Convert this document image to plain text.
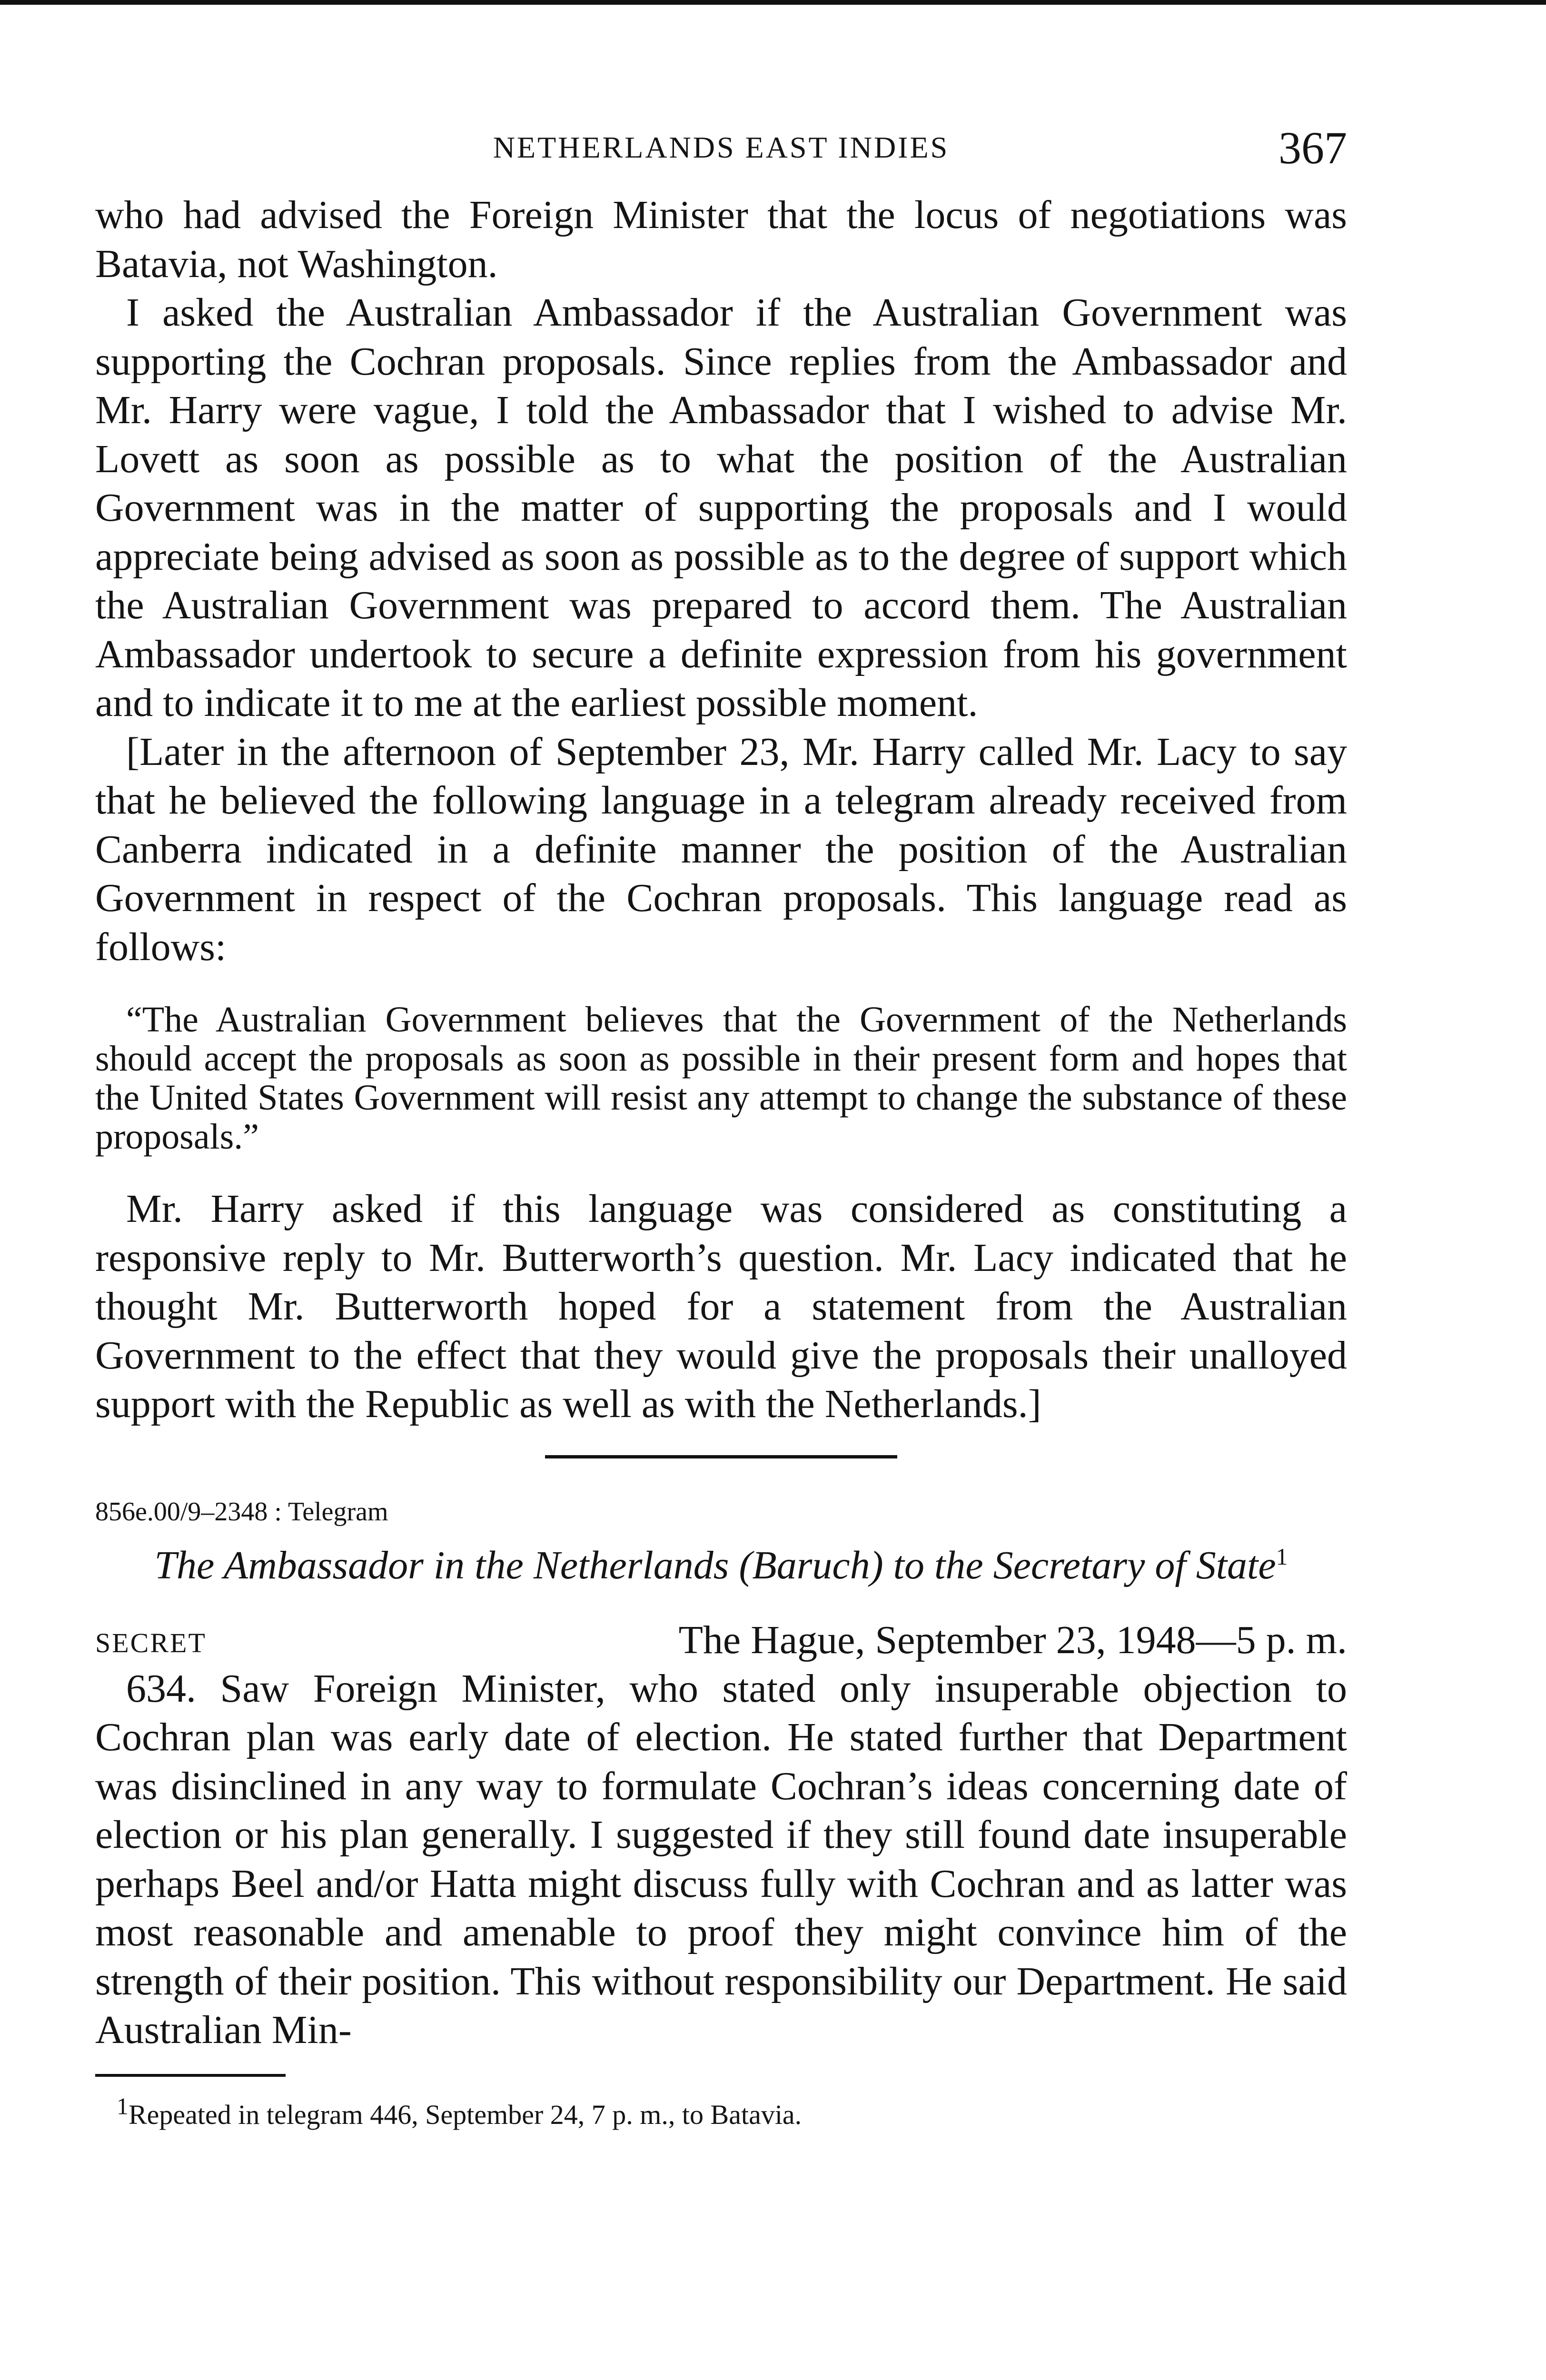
NETHERLANDS EAST INDIES	367

who had advised the Foreign Minister that the locus of negotiations was Batavia, not Washington.

I asked the Australian Ambassador if the Australian Government was supporting the Cochran proposals. Since replies from the Ambassador and Mr. Harry were vague, I told the Ambassador that I wished to advise Mr. Lovett as soon as possible as to what the position of the Australian Government was in the matter of supporting the proposals and I would appreciate being advised as soon as possible as to the degree of support which the Australian Government was prepared to accord them. The Australian Ambassador undertook to secure a definite expression from his government and to indicate it to me at the earliest possible moment.

[Later in the afternoon of September 23, Mr. Harry called Mr. Lacy to say that he believed the following language in a telegram already received from Canberra indicated in a definite manner the position of the Australian Government in respect of the Cochran proposals. This language read as follows:

“The Australian Government believes that the Government of the Netherlands should accept the proposals as soon as possible in their present form and hopes that the United States Government will resist any attempt to change the substance of these proposals.”

Mr. Harry asked if this language was considered as constituting a responsive reply to Mr. Butterworth’s question. Mr. Lacy indicated that he thought Mr. Butterworth hoped for a statement from the Australian Government to the effect that they would give the proposals their unalloyed support with the Republic as well as with the Netherlands.]

856e.00/9–2348 : Telegram
The Ambassador in the Netherlands (Baruch) to the Secretary of State$^1$
SECRET	The Hague, September 23, 1948—5 p. m.

634. Saw Foreign Minister, who stated only insuperable objection to Cochran plan was early date of election. He stated further that Department was disinclined in any way to formulate Cochran’s ideas concerning date of election or his plan generally. I suggested if they still found date insuperable perhaps Beel and/or Hatta might discuss fully with Cochran and as latter was most reasonable and amenable to proof they might convince him of the strength of their position. This without responsibility our Department. He said Australian Min-

1Repeated in telegram 446, September 24, 7 p. m., to Batavia.
